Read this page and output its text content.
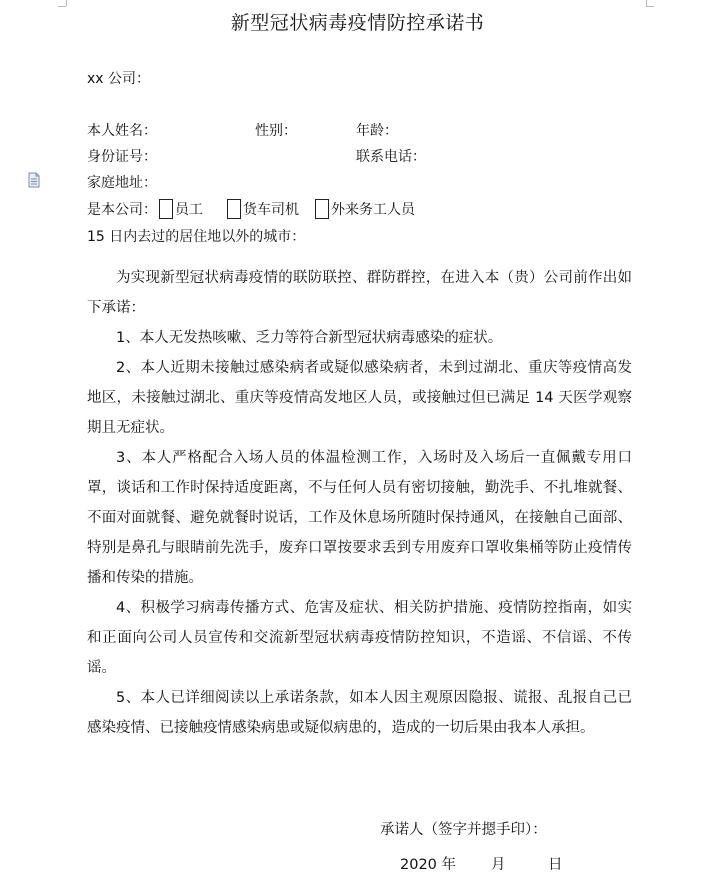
新型冠状病毒疫情防控承诺书
xx 公司：
本人姓名：	性别：	年龄：
身份证号：	联系电话：
家庭地址：
是本公司： 员工	货车司机 外来务工人员
15 日内去过的居住地以外的城市：

为实现新型冠状病毒疫情的联防联控、群防群控，在进入本（贵）公司前作出如下承诺：

1、本人无发热咳嗽、乏力等符合新型冠状病毒感染的症状。

2、本人近期未接触过感染病者或疑似感染病者，未到过湖北、重庆等疫情高发地区，未接触过湖北、重庆等疫情高发地区人员，或接触过但已满足 14 天医学观察期且无症状。

3、本人严格配合入场人员的体温检测工作，入场时及入场后一直佩戴专用口罩，谈话和工作时保持适度距离，不与任何人员有密切接触，勤洗手、不扎堆就餐、不面对面就餐、避免就餐时说话，工作及休息场所随时保持通风，在接触自己面部、特别是鼻孔与眼睛前先洗手，废弃口罩按要求丢到专用废弃口罩收集桶等防止疫情传播和传染的措施。

4、积极学习病毒传播方式、危害及症状、相关防护措施、疫情防控指南，如实和正面向公司人员宣传和交流新型冠状病毒疫情防控知识，不造谣、不信谣、不传谣。

5、本人已详细阅读以上承诺条款，如本人因主观原因隐报、谎报、乱报自己已感染疫情、已接触疫情感染病患或疑似病患的，造成的一切后果由我本人承担。

承诺人（签字并摁手印）：
2020 年 月	日
